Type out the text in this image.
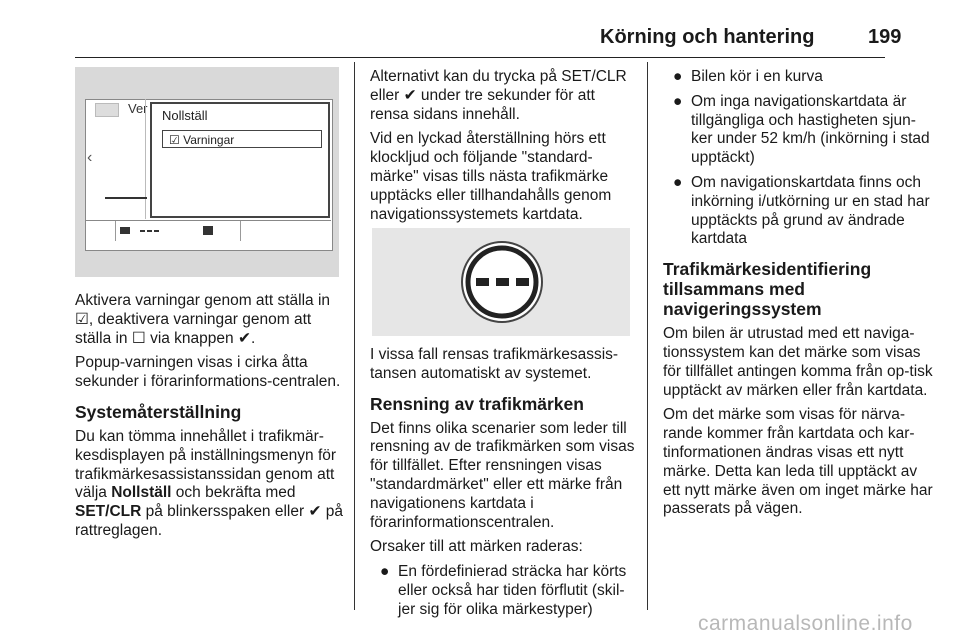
Körning och hantering	199
Ver
‹
Nollställ
☑ Varningar

Aktivera varningar genom att ställa in ☑, deaktivera varningar genom att ställa in ☐ via knappen ✔.

Popup-varningen visas i cirka åtta sekunder i förarinformations-centralen.

Systemåterställning

Du kan tömma innehållet i trafikmär-kesdisplayen på inställningsmenyn för trafikmärkesassistanssidan genom att välja Nollställ och bekräfta med SET/CLR på blinkersspaken eller ✔ på rattreglagen.

Alternativt kan du trycka på SET/CLR eller ✔ under tre sekunder för att rensa sidans innehåll.

Vid en lyckad återställning hörs ett klockljud och följande "standard-märke" visas tills nästa trafikmärke upptäcks eller tillhandahålls genom navigationssystemets kartdata.

I vissa fall rensas trafikmärkesassis-tansen automatiskt av systemet.

Rensning av trafikmärken

Det finns olika scenarier som leder till rensning av de trafikmärken som visas för tillfället. Efter rensningen visas "standardmärket" eller ett märke från navigationens kartdata i förarinformationscentralen.

Orsaker till att märken raderas:

● En fördefinierad sträcka har körts eller också har tiden förflutit (skil-jer sig för olika märkestyper)
● Bilen kör i en kurva
● Om inga navigationskartdata är tillgängliga och hastigheten sjun-ker under 52 km/h (inkörning i stad upptäckt)
● Om navigationskartdata finns och inkörning i/utkörning ur en stad har upptäckts på grund av ändrade kartdata
Trafikmärkesidentifiering tillsammans med navigeringssystem

Om bilen är utrustad med ett naviga-tionssystem kan det märke som visas för tillfället antingen komma från op-tisk upptäckt av märken eller från kartdata.

Om det märke som visas för närva-rande kommer från kartdata och kar-tinformationen ändras visas ett nytt märke. Detta kan leda till upptäckt av ett nytt märke även om inget märke har passerats på vägen.

carmanualsonline.info
